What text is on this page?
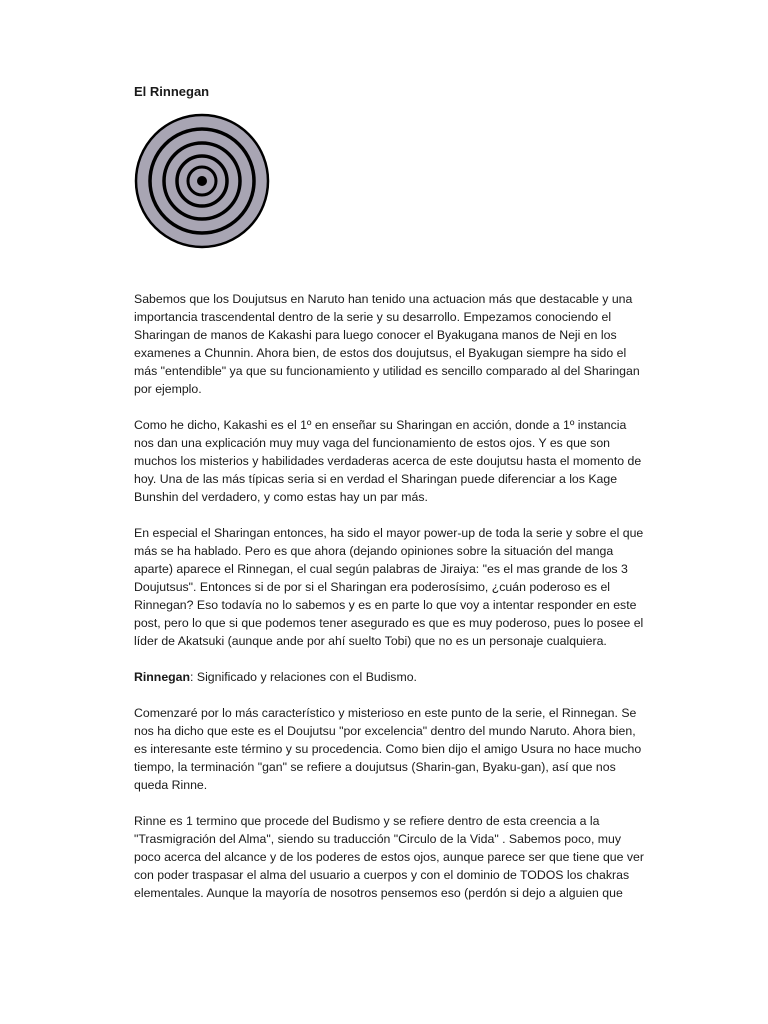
El Rinnegan

Sabemos que los Doujutsus en Naruto han tenido una actuacion más que destacable y una importancia trascendental dentro de la serie y su desarrollo. Empezamos conociendo el Sharingan de manos de Kakashi para luego conocer el Byakugana manos de Neji en los examenes a Chunnin. Ahora bien, de estos dos doujutsus, el Byakugan siempre ha sido el más "entendible" ya que su funcionamiento y utilidad es sencillo comparado al del Sharingan por ejemplo.

Como he dicho, Kakashi es el 1º en enseñar su Sharingan en acción, donde a 1º instancia nos dan una explicación muy muy vaga del funcionamiento de estos ojos. Y es que son muchos los misterios y habilidades verdaderas acerca de este doujutsu hasta el momento de hoy. Una de las más típicas seria si en verdad el Sharingan puede diferenciar a los Kage Bunshin del verdadero, y como estas hay un par más.

En especial el Sharingan entonces, ha sido el mayor power-up de toda la serie y sobre el que más se ha hablado. Pero es que ahora (dejando opiniones sobre la situación del manga aparte) aparece el Rinnegan, el cual según palabras de Jiraiya: "es el mas grande de los 3 Doujutsus". Entonces si de por si el Sharingan era poderosísimo, ¿cuán poderoso es el Rinnegan? Eso todavía no lo sabemos y es en parte lo que voy a intentar responder en este post, pero lo que si que podemos tener asegurado es que es muy poderoso, pues lo posee el líder de Akatsuki (aunque ande por ahí suelto Tobi) que no es un personaje cualquiera.

Rinnegan: Significado y relaciones con el Budismo.

Comenzaré por lo más característico y misterioso en este punto de la serie, el Rinnegan. Se nos ha dicho que este es el Doujutsu "por excelencia" dentro del mundo Naruto. Ahora bien, es interesante este término y su procedencia. Como bien dijo el amigo Usura no hace mucho tiempo, la terminación "gan" se refiere a doujutsus (Sharin-gan, Byaku-gan), así que nos queda Rinne.

Rinne es 1 termino que procede del Budismo y se refiere dentro de esta creencia a la "Trasmigración del Alma", siendo su traducción "Circulo de la Vida" . Sabemos poco, muy poco acerca del alcance y de los poderes de estos ojos, aunque parece ser que tiene que ver con poder traspasar el alma del usuario a cuerpos y con el dominio de TODOS los chakras elementales. Aunque la mayoría de nosotros pensemos eso (perdón si dejo a alguien que
